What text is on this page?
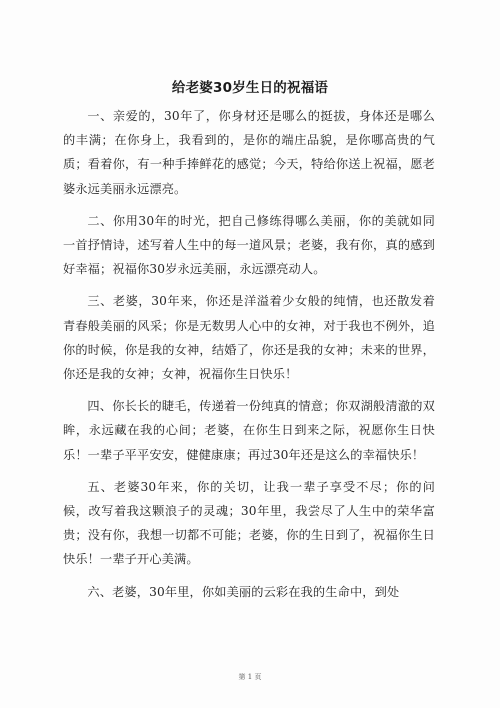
给老婆30岁生日的祝福语

一、亲爱的，30年了，你身材还是哪么的挺拔，身体还是哪么的丰满；在你身上，我看到的，是你的端庄品貌，是你哪高贵的气质；看着你，有一种手捧鲜花的感觉；今天，特给你送上祝福，愿老婆永远美丽永远漂亮。

二、你用30年的时光，把自己修练得哪么美丽，你的美就如同一首抒情诗，述写着人生中的每一道风景；老婆，我有你，真的感到好幸福；祝福你30岁永远美丽，永远漂亮动人。

三、老婆，30年来，你还是洋溢着少女般的纯情，也还散发着青春般美丽的风采；你是无数男人心中的女神，对于我也不例外，追你的时候，你是我的女神，结婚了，你还是我的女神；未来的世界，你还是我的女神；女神，祝福你生日快乐！

四、你长长的睫毛，传递着一份纯真的情意；你双湖般清澈的双眸，永远藏在我的心间；老婆，在你生日到来之际，祝愿你生日快乐！一辈子平平安安，健健康康；再过30年还是这么的幸福快乐！

五、老婆30年来，你的关切，让我一辈子享受不尽；你的问候，改写着我这颗浪子的灵魂；30年里，我尝尽了人生中的荣华富贵；没有你，我想一切都不可能；老婆，你的生日到了，祝福你生日快乐！一辈子开心美满。

六、老婆，30年里，你如美丽的云彩在我的生命中，到处

第 1 页
